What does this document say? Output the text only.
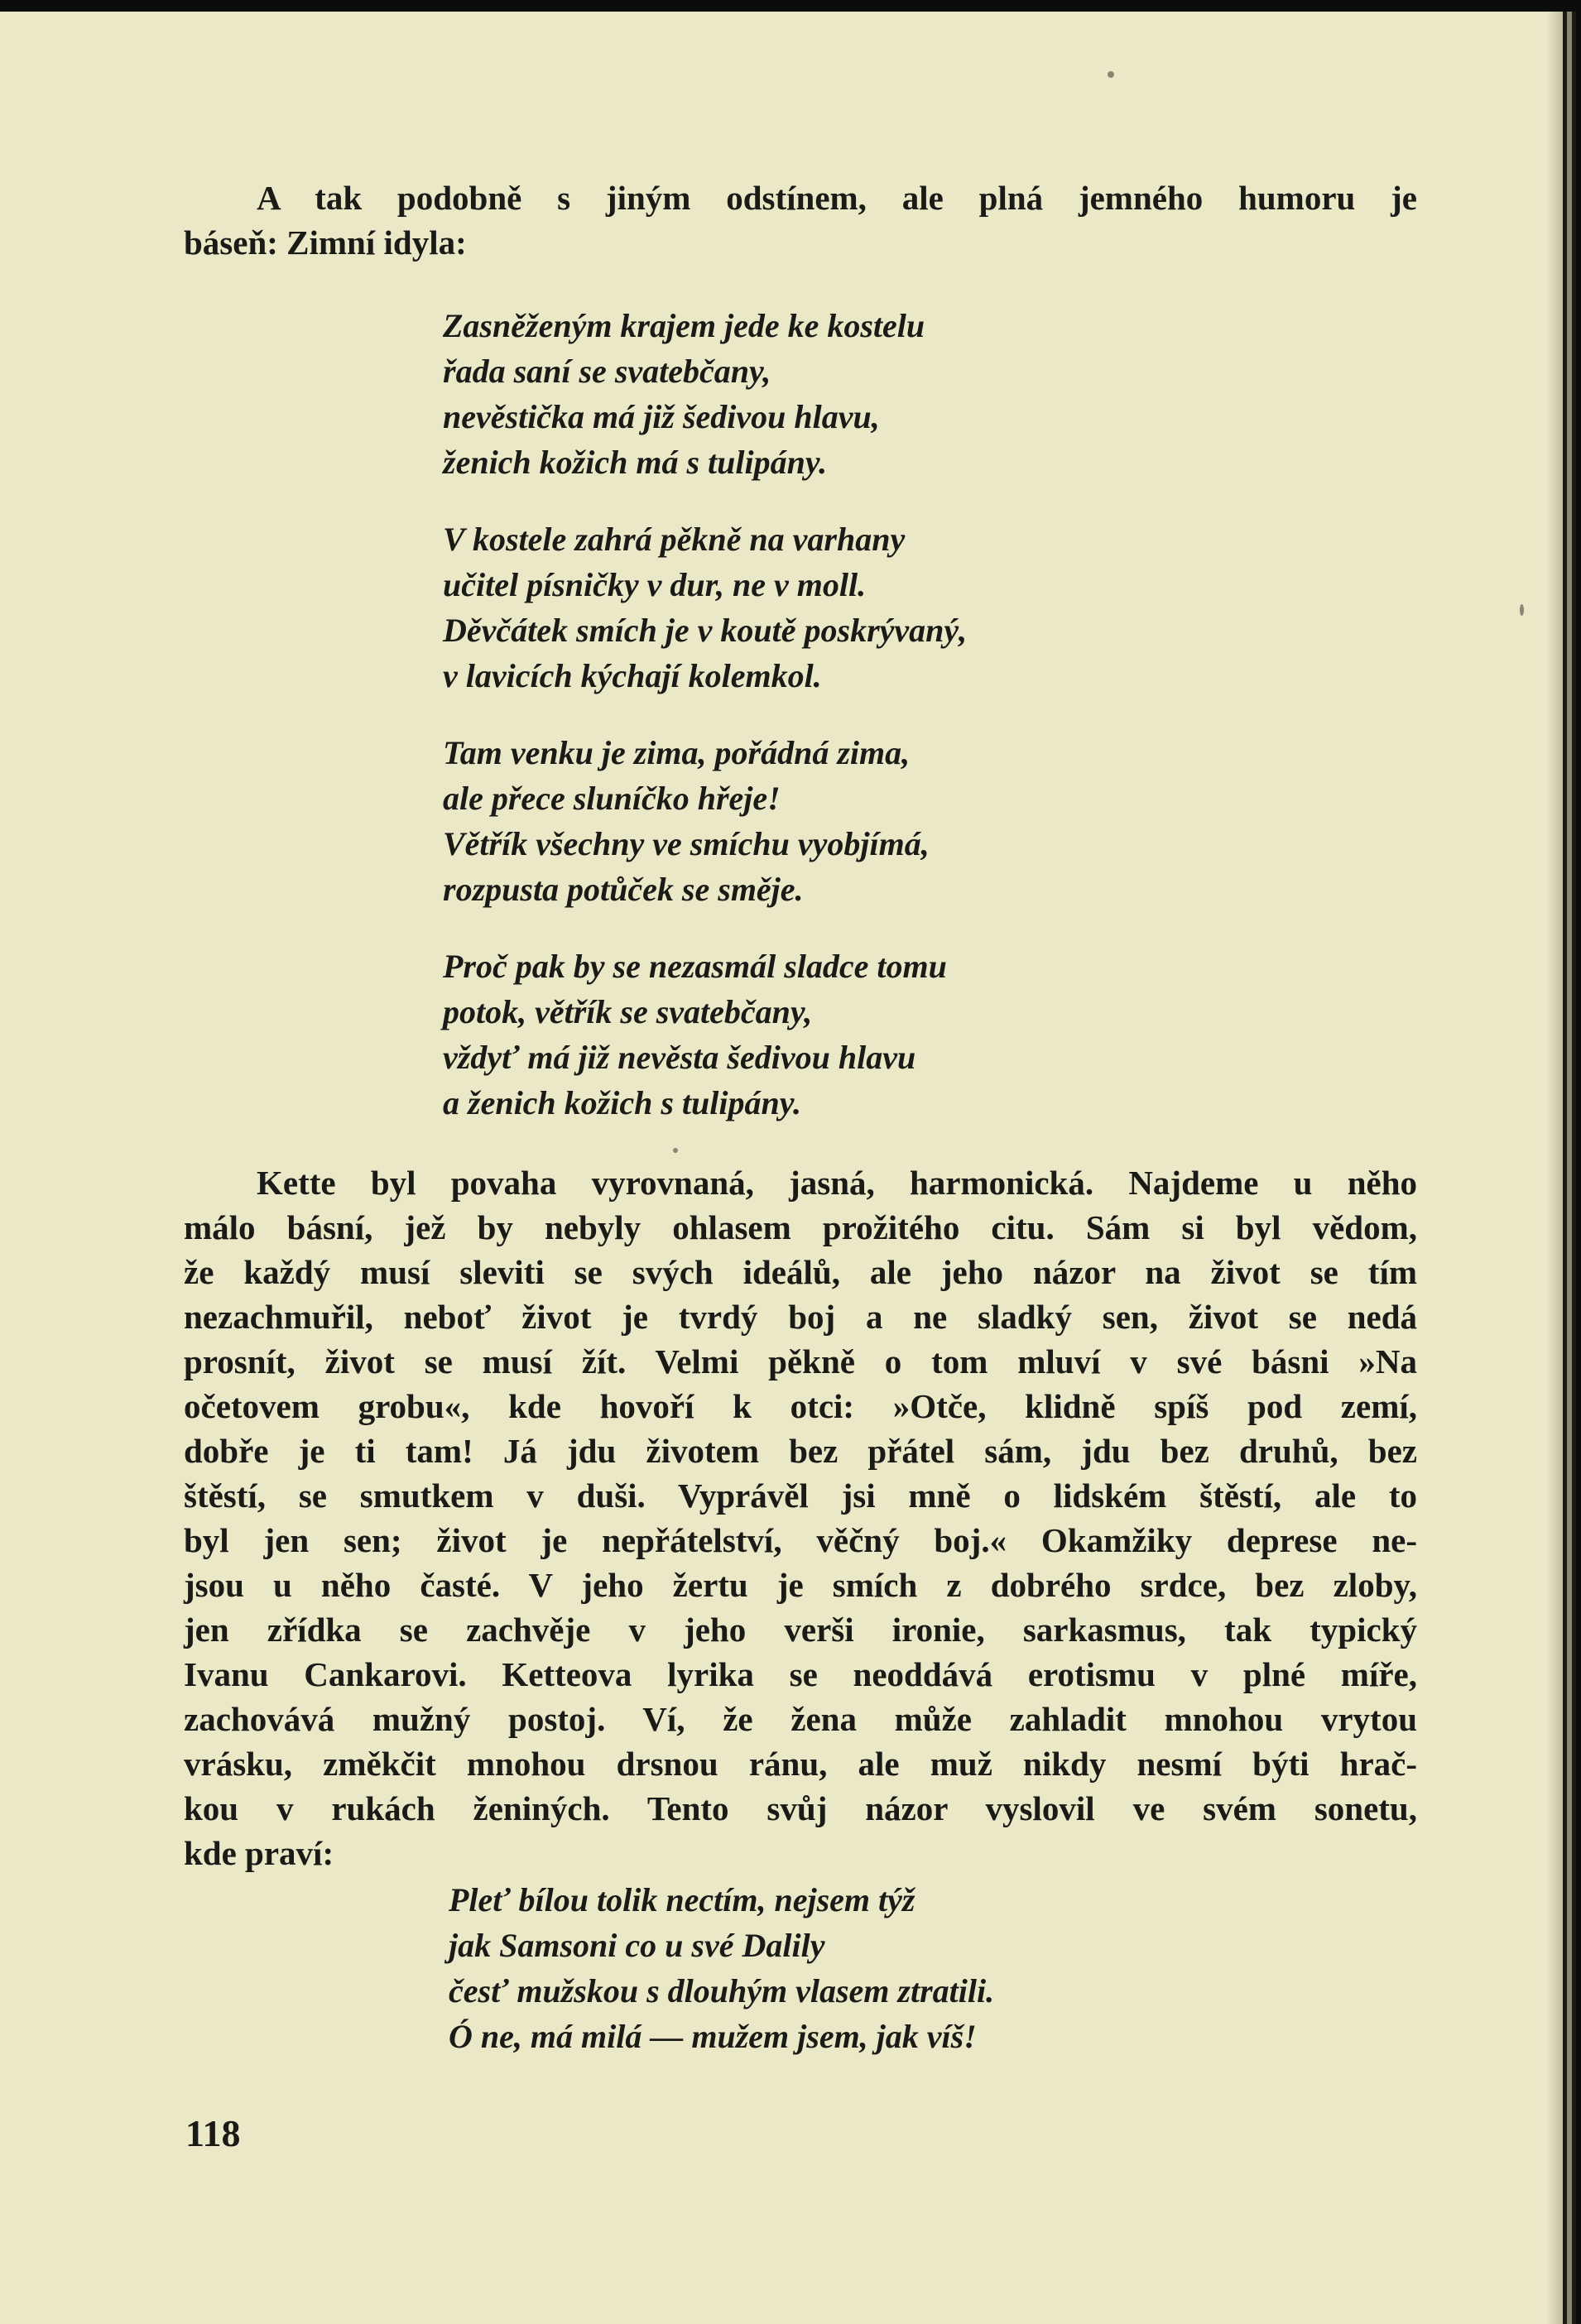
A tak podobně s jiným odstínem, ale plná jemného humoru je
báseň: Zimní idyla:
Zasněženým krajem jede ke kostelu
řada saní se svatebčany,
nevěstička má již šedivou hlavu,
ženich kožich má s tulipány.
V kostele zahrá pěkně na varhany
učitel písničky v dur, ne v moll.
Děvčátek smích je v koutě poskrývaný,
v lavicích kýchají kolemkol.
Tam venku je zima, pořádná zima,
ale přece sluníčko hřeje!
Větřík všechny ve smíchu vyobjímá,
rozpusta potůček se směje.
Proč pak by se nezasmál sladce tomu
potok, větřík se svatebčany,
vždyť má již nevěsta šedivou hlavu
a ženich kožich s tulipány.
Kette byl povaha vyrovnaná, jasná, harmonická. Najdeme u něho
málo básní, jež by nebyly ohlasem prožitého citu. Sám si byl vědom,
že každý musí sleviti se svých ideálů, ale jeho názor na život se tím
nezachmuřil, neboť život je tvrdý boj a ne sladký sen, život se nedá
prosnít, život se musí žít. Velmi pěkně o tom mluví v své básni »Na
očetovem grobu«, kde hovoří k otci: »Otče, klidně spíš pod zemí,
dobře je ti tam! Já jdu životem bez přátel sám, jdu bez druhů, bez
štěstí, se smutkem v duši. Vyprávěl jsi mně o lidském štěstí, ale to
byl jen sen; život je nepřátelství, věčný boj.« Okamžiky deprese ne-
jsou u něho časté. V jeho žertu je smích z dobrého srdce, bez zloby,
jen zřídka se zachvěje v jeho verši ironie, sarkasmus, tak typický
Ivanu Cankarovi. Ketteova lyrika se neoddává erotismu v plné míře,
zachovává mužný postoj. Ví, že žena může zahladit mnohou vrytou
vrásku, změkčit mnohou drsnou ránu, ale muž nikdy nesmí býti hrač-
kou v rukách ženiných. Tento svůj názor vyslovil ve svém sonetu,
kde praví:
Pleť bílou tolik nectím, nejsem týž
jak Samsoni co u své Dalily
česť mužskou s dlouhým vlasem ztratili.
Ó ne, má milá — mužem jsem, jak víš!
118
